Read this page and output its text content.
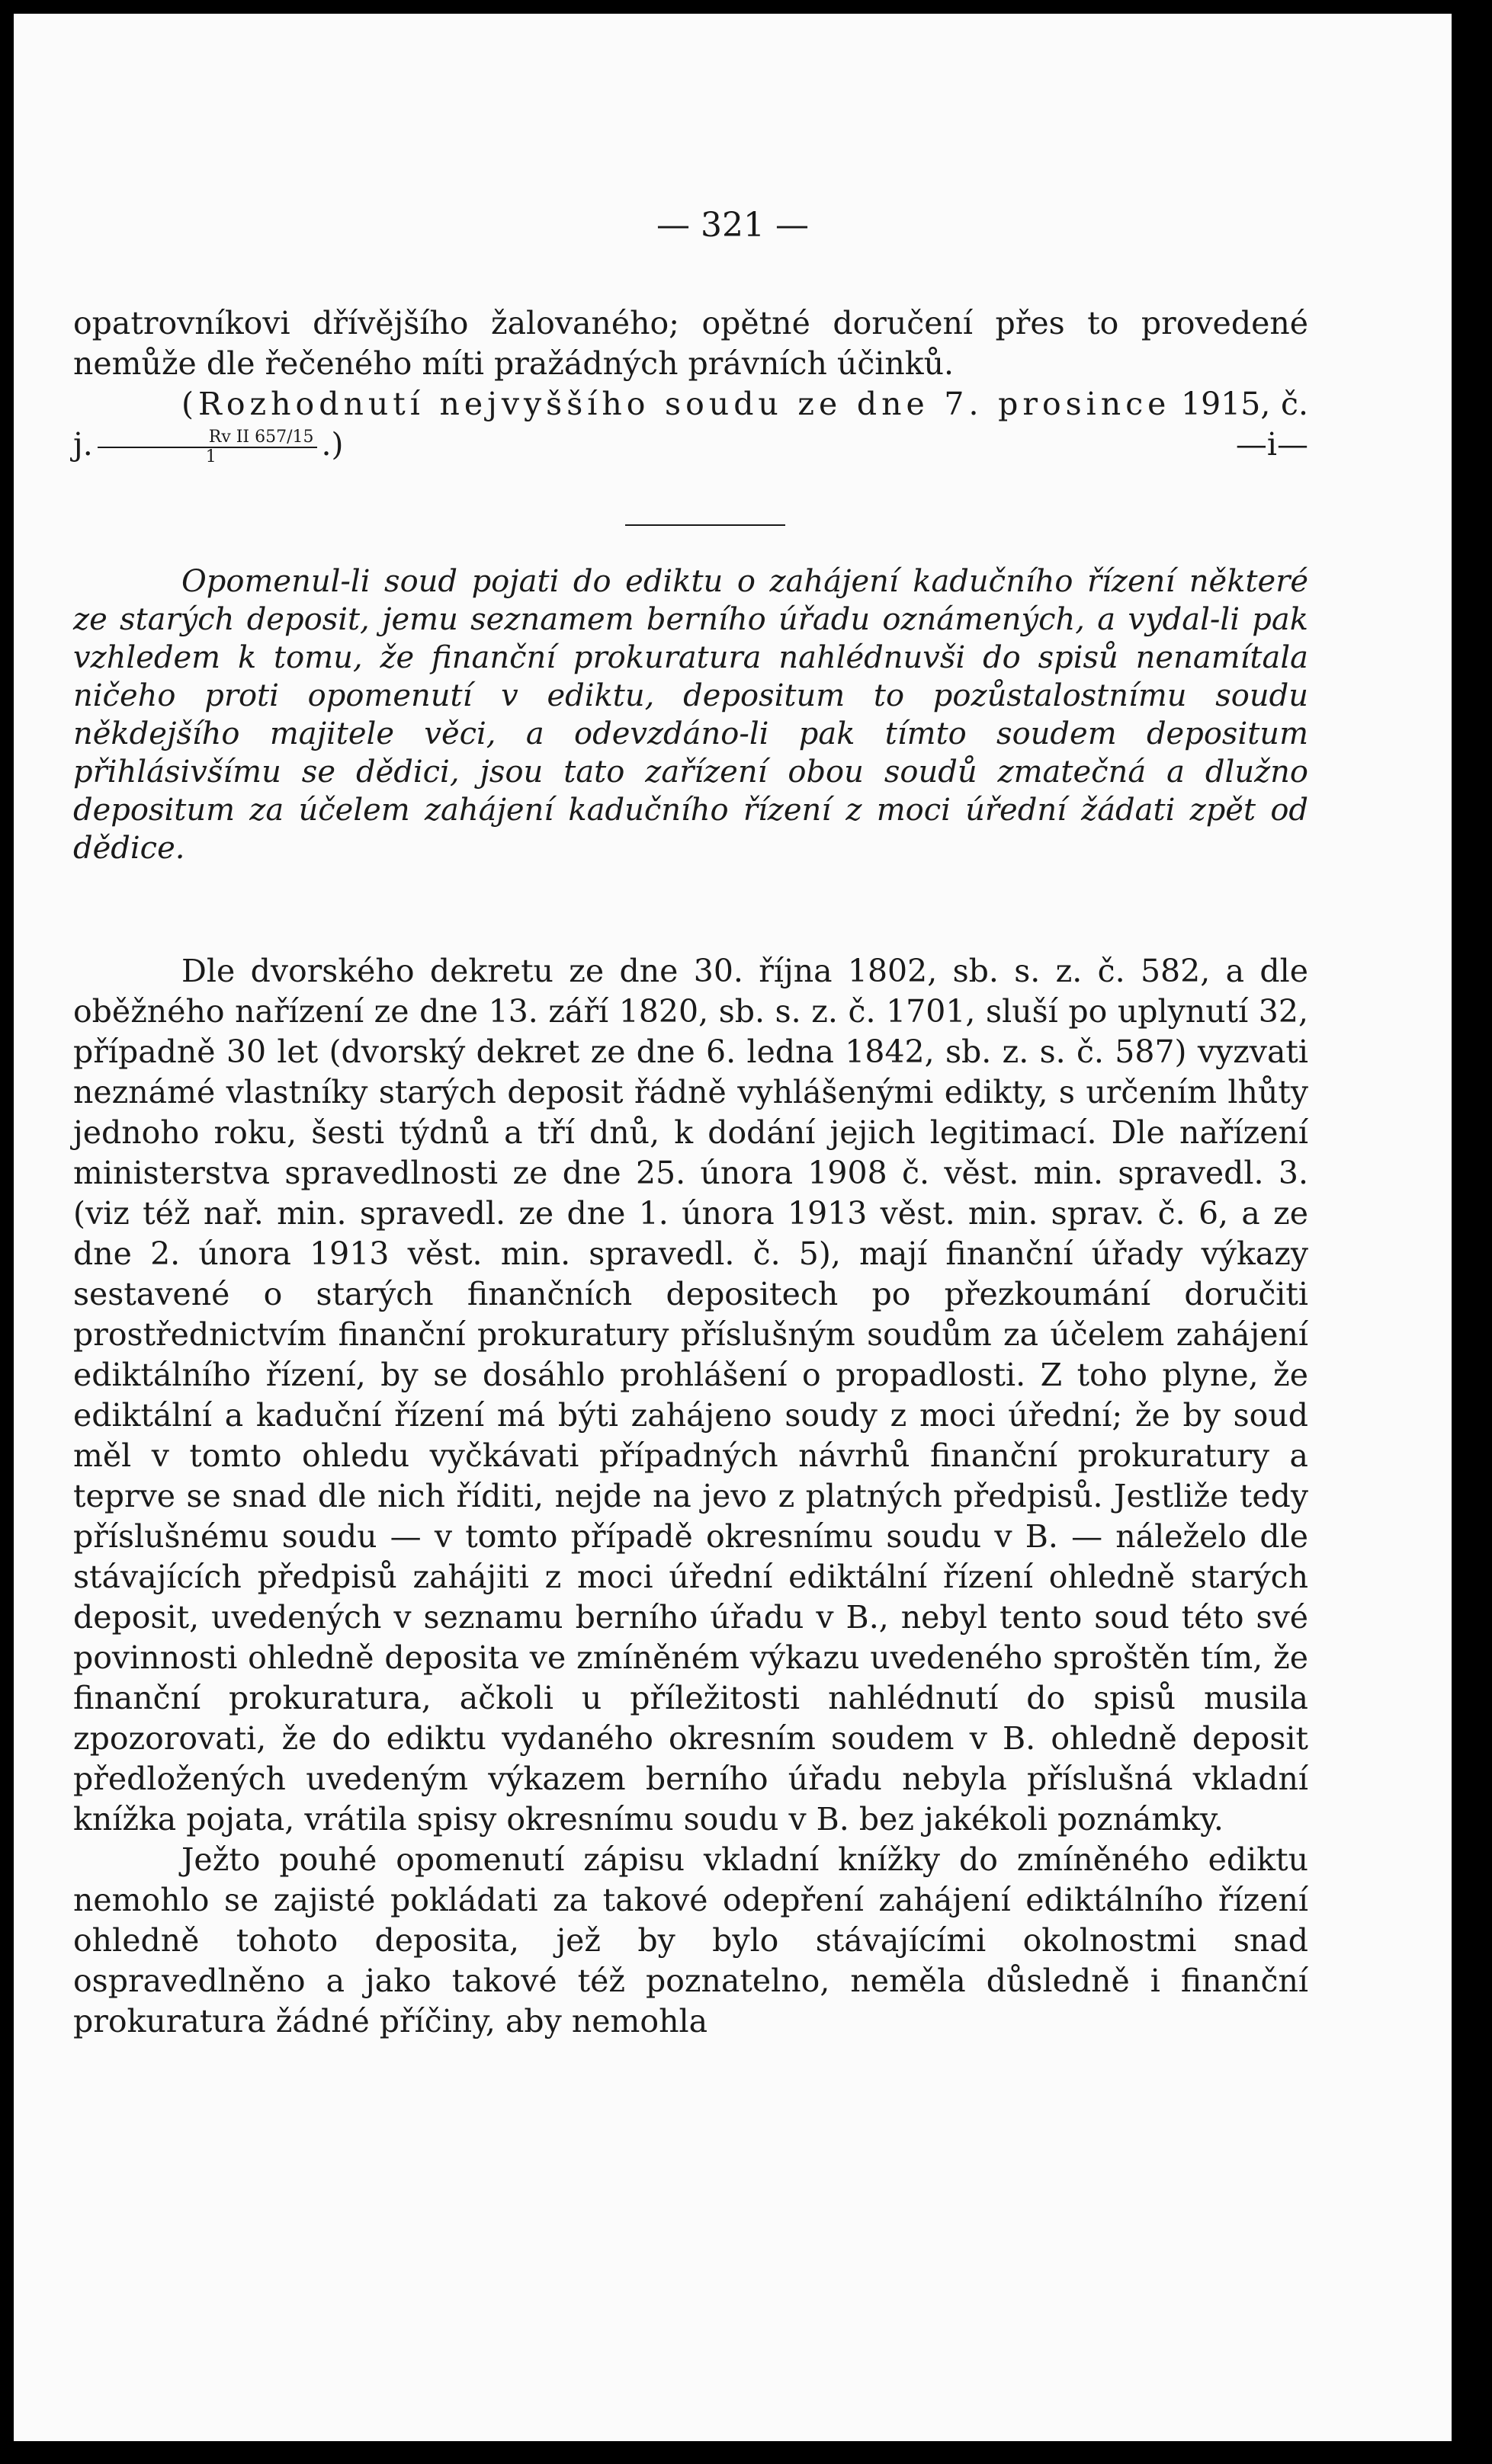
— 321 —

opatrovníkovi dřívějšího žalovaného; opětné doručení přes to provedené nemůže dle řečeného míti pražádných právních účinků.

(Rozhodnutí nejvyššího soudu ze dne 7. prosince 1915, č. j. $\frac{\text{Rv II 657/15}}{1}$ .)	—i—

Opomenul-li soud pojati do ediktu o zahájení kadučního řízení některé ze starých deposit, jemu seznamem berního úřadu oznámených, a vydal-li pak vzhledem k tomu, že finanční prokuratura nahlédnuvši do spisů nenamítala ničeho proti opomenutí v ediktu, depositum to pozůstalostnímu soudu někdejšího majitele věci, a odevzdáno-li pak tímto soudem depositum přihlásivšímu se dědici, jsou tato zařízení obou soudů zmatečná a dlužno depositum za účelem zahájení kadučního řízení z moci úřední žádati zpět od dědice.

Dle dvorského dekretu ze dne 30. října 1802, sb. s. z. č. 582, a dle oběžného nařízení ze dne 13. září 1820, sb. s. z. č. 1701, sluší po uplynutí 32, případně 30 let (dvorský dekret ze dne 6. ledna 1842, sb. z. s. č. 587) vyzvati neznámé vlastníky starých deposit řádně vyhlášenými edikty, s určením lhůty jednoho roku, šesti týdnů a tří dnů, k dodání jejich legitimací. Dle nařízení ministerstva spravedlnosti ze dne 25. února 1908 č. věst. min. spravedl. 3. (viz též nař. min. spravedl. ze dne 1. února 1913 věst. min. sprav. č. 6, a ze dne 2. února 1913 věst. min. spravedl. č. 5), mají finanční úřady výkazy sestavené o starých finančních depositech po přezkoumání doručiti prostřednictvím finanční prokuratury příslušným soudům za účelem zahájení ediktálního řízení, by se dosáhlo prohlášení o propadlosti. Z toho plyne, že ediktální a kaduční řízení má býti zahájeno soudy z moci úřední; že by soud měl v tomto ohledu vyčkávati případných návrhů finanční prokuratury a teprve se snad dle nich říditi, nejde na jevo z platných předpisů. Jestliže tedy příslušnému soudu — v tomto případě okresnímu soudu v B. — náleželo dle stávajících předpisů zahájiti z moci úřední ediktální řízení ohledně starých deposit, uvedených v seznamu berního úřadu v B., nebyl tento soud této své povinnosti ohledně deposita ve zmíněném výkazu uvedeného sproštěn tím, že finanční prokuratura, ačkoli u příležitosti nahlédnutí do spisů musila zpozorovati, že do ediktu vydaného okresním soudem v B. ohledně deposit předložených uvedeným výkazem berního úřadu nebyla příslušná vkladní knížka pojata, vrátila spisy okresnímu soudu v B. bez jakékoli poznámky.

Ježto pouhé opomenutí zápisu vkladní knížky do zmíněného ediktu nemohlo se zajisté pokládati za takové odepření zahájení ediktálního řízení ohledně tohoto deposita, jež by bylo stávajícími okolnostmi snad ospravedlněno a jako takové též poznatelno, neměla důsledně i finanční prokuratura žádné příčiny, aby nemohla
